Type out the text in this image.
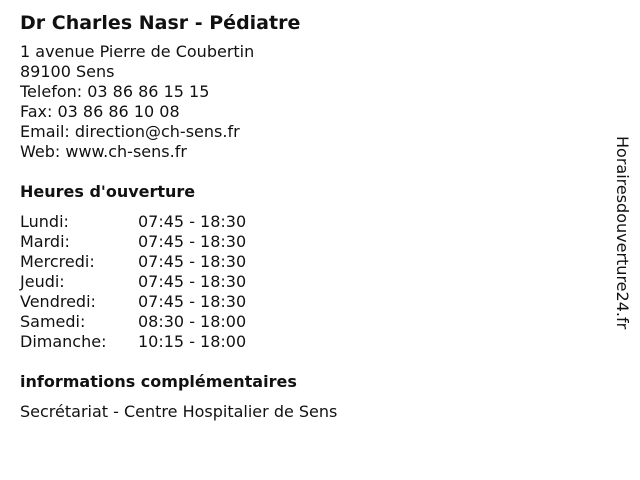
Dr Charles Nasr - Pédiatre
1 avenue Pierre de Coubertin
89100 Sens
Telefon: 03 86 86 15 15
Fax: 03 86 86 10 08
Email: direction@ch-sens.fr
Web: www.ch-sens.fr
Heures d'ouverture
Lundi:	07:45 - 18:30
Mardi:	07:45 - 18:30
Mercredi:	07:45 - 18:30
Jeudi:	07:45 - 18:30
Vendredi:	07:45 - 18:30
Samedi:	08:30 - 18:00
Dimanche: 10:15 - 18:00
informations complémentaires
Secrétariat - Centre Hospitalier de Sens
Horairesdouverture24.fr
